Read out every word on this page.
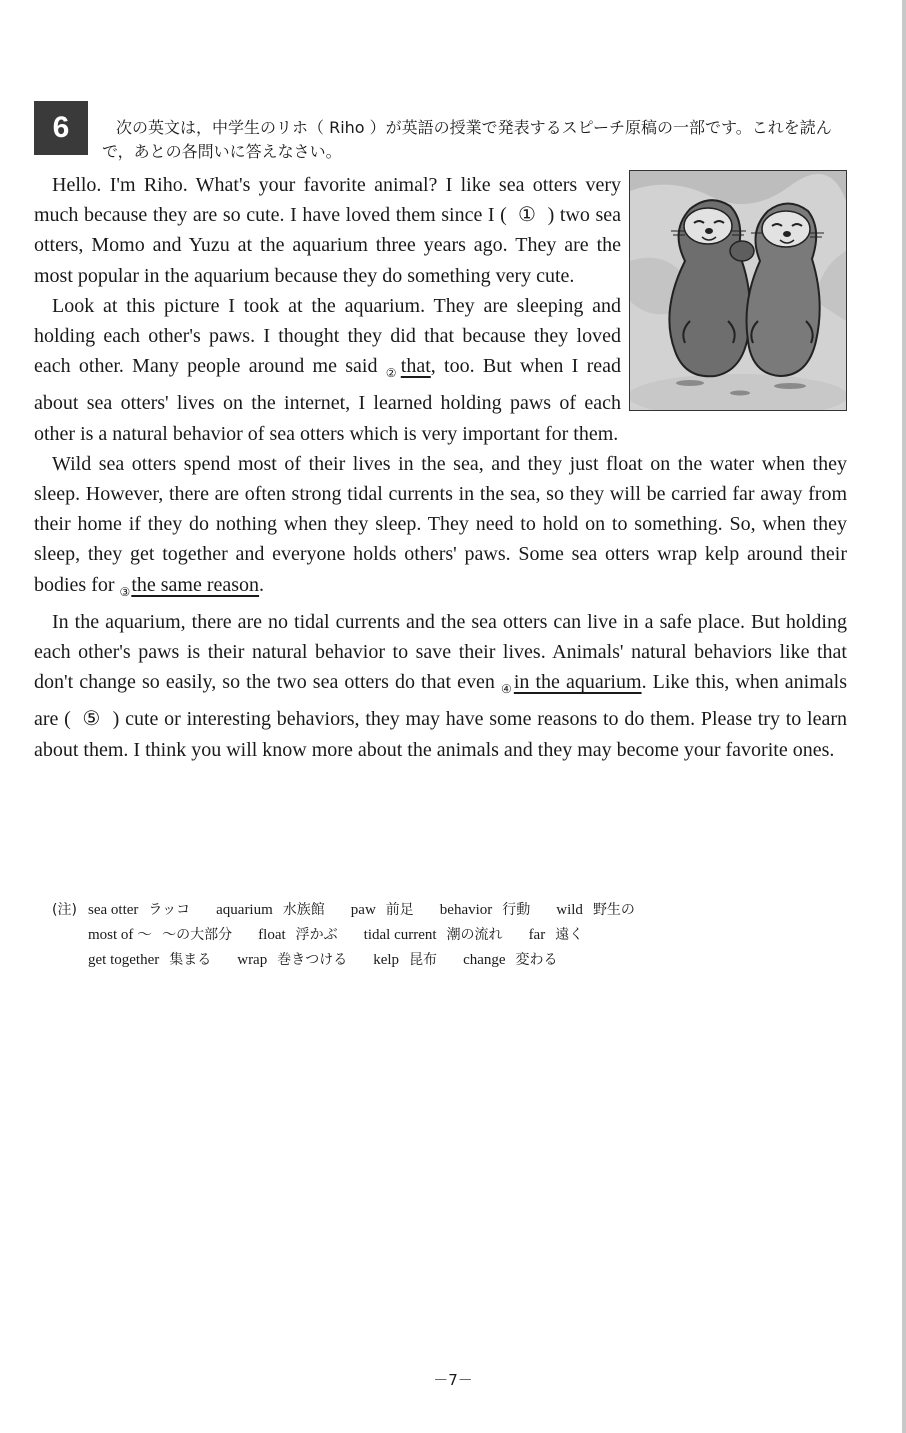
6	次の英文は，中学生のリホ（ Riho ）が英語の授業で発表するスピーチ原稿の一部です。これを読んで，あとの各問いに答えなさい。

Hello. I'm Riho. What's your favorite animal? I like sea otters very much because they are so cute. I have loved them since I (  ①  ) two sea otters, Momo and Yuzu at the aquarium three years ago. They are the most popular in the aquarium because they do something very cute.

Look at this picture I took at the aquarium. They are sleeping and holding each other's paws. I thought they did that because they loved each other. Many people around me said $_②$that, too. But when I read about sea otters' lives on the internet, I learned holding paws of each other is a natural behavior of sea otters which is very important for them.

Wild sea otters spend most of their lives in the sea, and they just float on the water when they sleep. However, there are often strong tidal currents in the sea, so they will be carried far away from their home if they do nothing when they sleep. They need to hold on to something. So, when they sleep, they get together and everyone holds others' paws. Some sea otters wrap kelp around their bodies for $_③$the same reason.

In the aquarium, there are no tidal currents and the sea otters can live in a safe place. But holding each other's paws is their natural behavior to save their lives. Animals' natural behaviors like that don't change so easily, so the two sea otters do that even $_④$in the aquarium. Like this, when animals are (  ⑤  ) cute or interesting behaviors, they may have some reasons to do them. Please try to learn about them. I think you will know more about the animals and they may become your favorite ones.

(注) sea otter ラッコ aquarium 水族館 paw 前足 behavior 行動 wild 野生の
most of ～ ～の大部分 float 浮かぶ tidal current 潮の流れ far 遠く
get together 集まる wrap 巻きつける kelp 昆布 change 変わる
－7－
